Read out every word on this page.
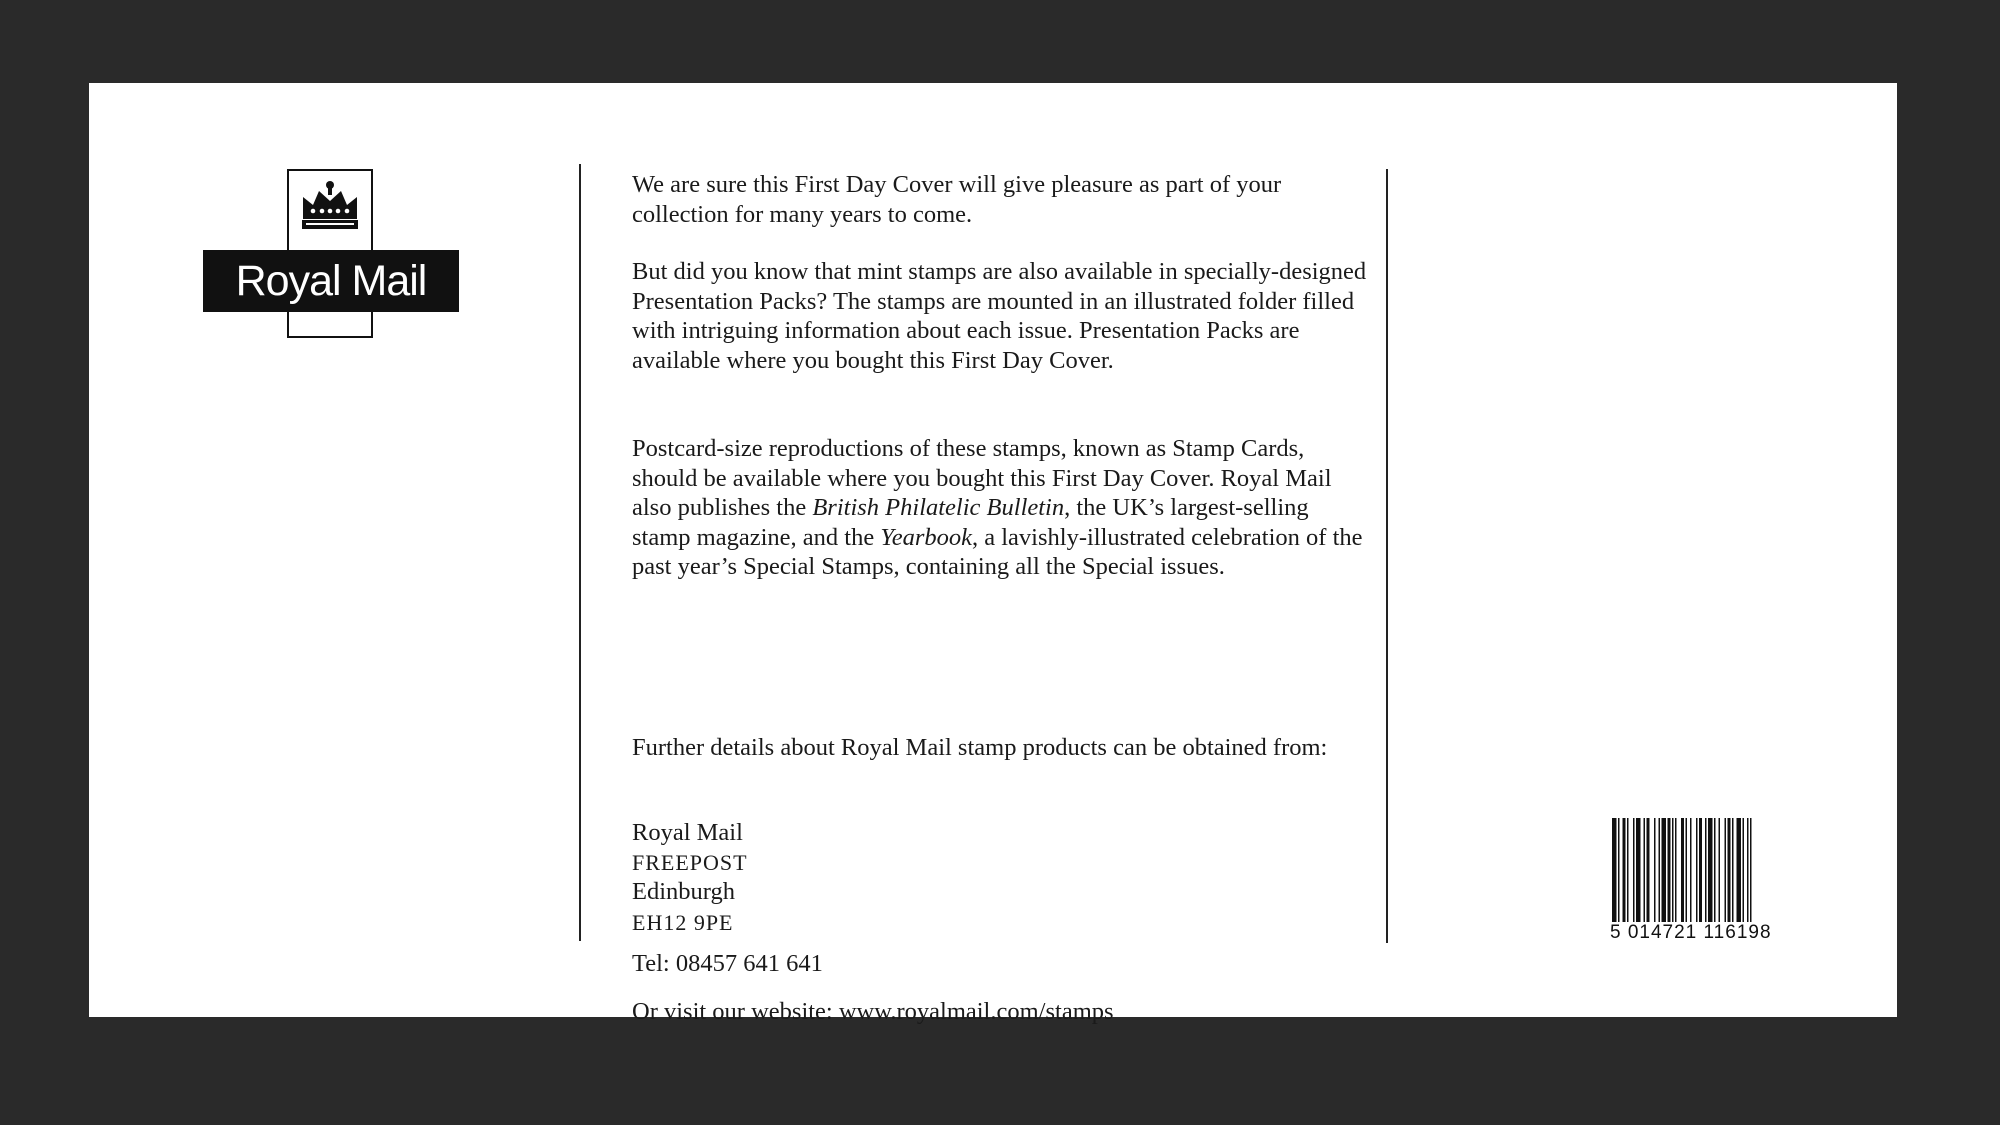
Royal Mail

We are sure this First Day Cover will give pleasure as part of your collection for many years to come.

But did you know that mint stamps are also available in specially-designed Presentation Packs? The stamps are mounted in an illustrated folder filled with intriguing information about each issue. Presentation Packs are available where you bought this First Day Cover.

Postcard-size reproductions of these stamps, known as Stamp Cards, should be available where you bought this First Day Cover. Royal Mail also publishes the British Philatelic Bulletin, the UK’s largest-selling stamp magazine, and the Yearbook, a lavishly-illustrated celebration of the past year’s Special Stamps, containing all the Special issues.

Further details about Royal Mail stamp products can be obtained from:

Royal Mail
FREEPOST
Edinburgh
EH12 9PE
Tel: 08457 641 641
Or visit our website: www.royalmail.com/stamps
5 014721 116198
